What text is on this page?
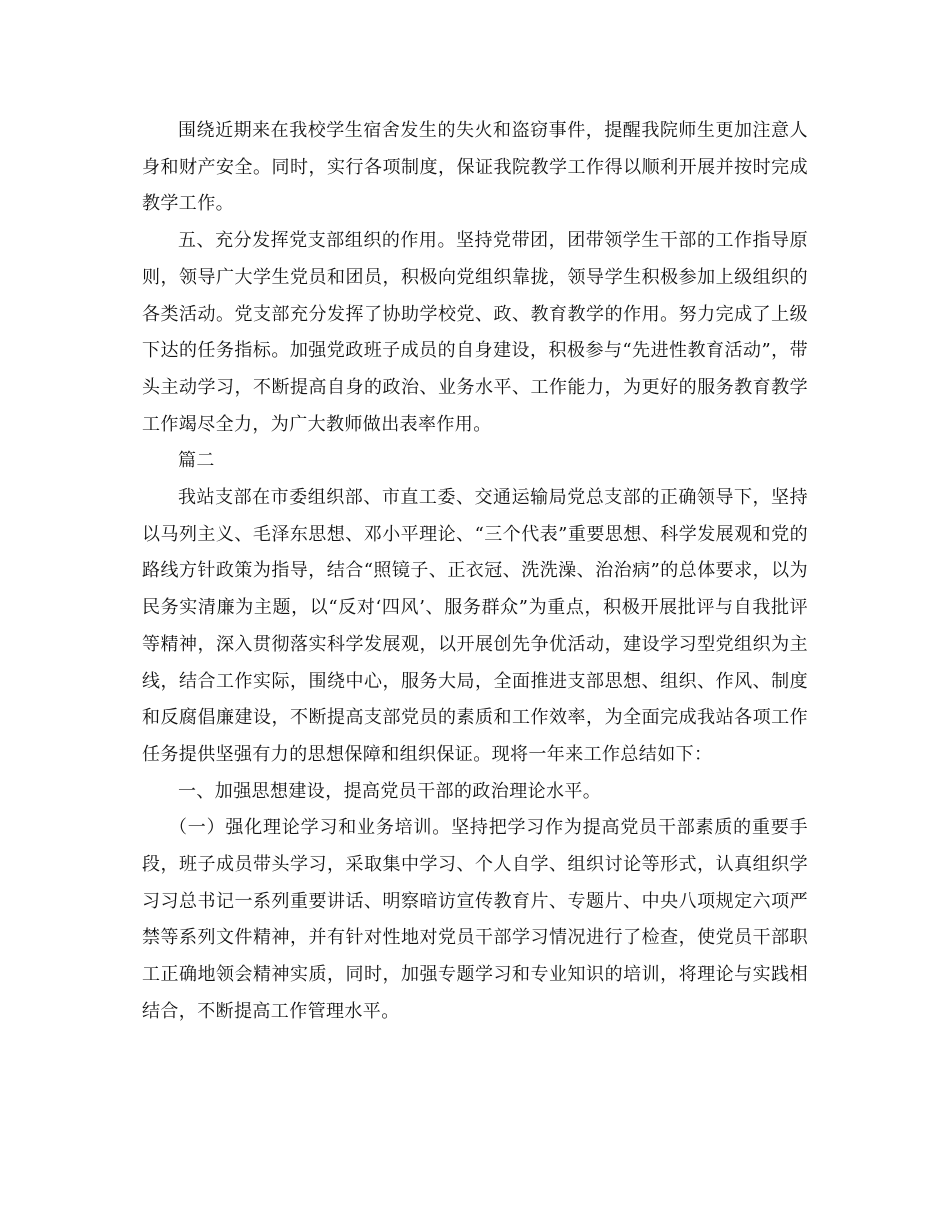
围绕近期来在我校学生宿舍发生的失火和盗窃事件，提醒我院师生更加注意人身和财产安全。同时，实行各项制度，保证我院教学工作得以顺利开展并按时完成教学工作。

五、充分发挥党支部组织的作用。坚持党带团，团带领学生干部的工作指导原则，领导广大学生党员和团员，积极向党组织靠拢，领导学生积极参加上级组织的各类活动。党支部充分发挥了协助学校党、政、教育教学的作用。努力完成了上级下达的任务指标。加强党政班子成员的自身建设，积极参与“先进性教育活动”，带头主动学习，不断提高自身的政治、业务水平、工作能力，为更好的服务教育教学工作竭尽全力，为广大教师做出表率作用。

篇二

我站支部在市委组织部、市直工委、交通运输局党总支部的正确领导下，坚持以马列主义、毛泽东思想、邓小平理论、“三个代表”重要思想、科学发展观和党的路线方针政策为指导，结合“照镜子、正衣冠、洗洗澡、治治病”的总体要求，以为民务实清廉为主题，以“反对‘四风’、服务群众”为重点，积极开展批评与自我批评等精神，深入贯彻落实科学发展观，以开展创先争优活动，建设学习型党组织为主线，结合工作实际，围绕中心，服务大局，全面推进支部思想、组织、作风、制度和反腐倡廉建设，不断提高支部党员的素质和工作效率，为全面完成我站各项工作任务提供坚强有力的思想保障和组织保证。现将一年来工作总结如下：

一、加强思想建设，提高党员干部的政治理论水平。

（一）强化理论学习和业务培训。坚持把学习作为提高党员干部素质的重要手段，班子成员带头学习，采取集中学习、个人自学、组织讨论等形式，认真组织学习习总书记一系列重要讲话、明察暗访宣传教育片、专题片、中央八项规定六项严禁等系列文件精神，并有针对性地对党员干部学习情况进行了检查，使党员干部职工正确地领会精神实质，同时，加强专题学习和专业知识的培训，将理论与实践相结合，不断提高工作管理水平。
